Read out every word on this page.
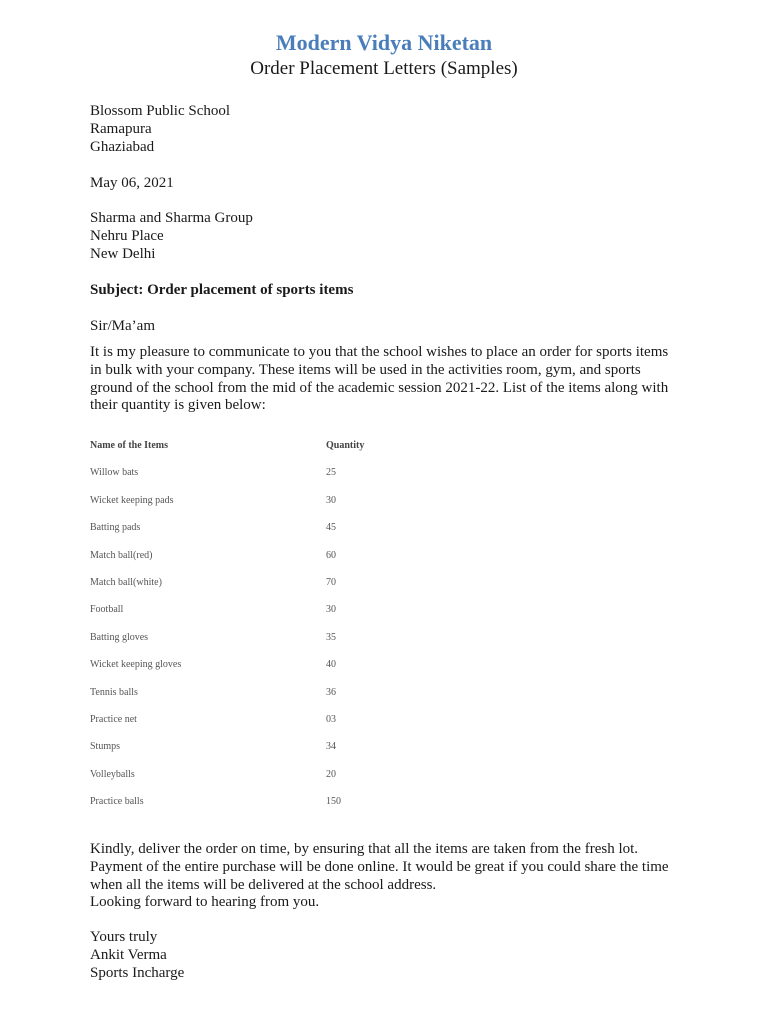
Modern Vidya Niketan
Order Placement Letters (Samples)
Blossom Public School
Ramapura
Ghaziabad
May 06, 2021
Sharma and Sharma Group
Nehru Place
New Delhi
Subject: Order placement of sports items
Sir/Ma’am
It is my pleasure to communicate to you that the school wishes to place an order for sports items
in bulk with your company. These items will be used in the activities room, gym, and sports
ground of the school from the mid of the academic session 2021-22. List of the items along with
their quantity is given below:
Name of the Items	Quantity
Willow bats	25
Wicket keeping pads	30
Batting pads	45
Match ball(red)	60
Match ball(white)	70
Football	30
Batting gloves	35
Wicket keeping gloves	40
Tennis balls	36
Practice net	03
Stumps	34
Volleyballs	20
Practice balls	150
Kindly, deliver the order on time, by ensuring that all the items are taken from the fresh lot.
Payment of the entire purchase will be done online. It would be great if you could share the time
when all the items will be delivered at the school address.
Looking forward to hearing from you.
Yours truly
Ankit Verma
Sports Incharge
